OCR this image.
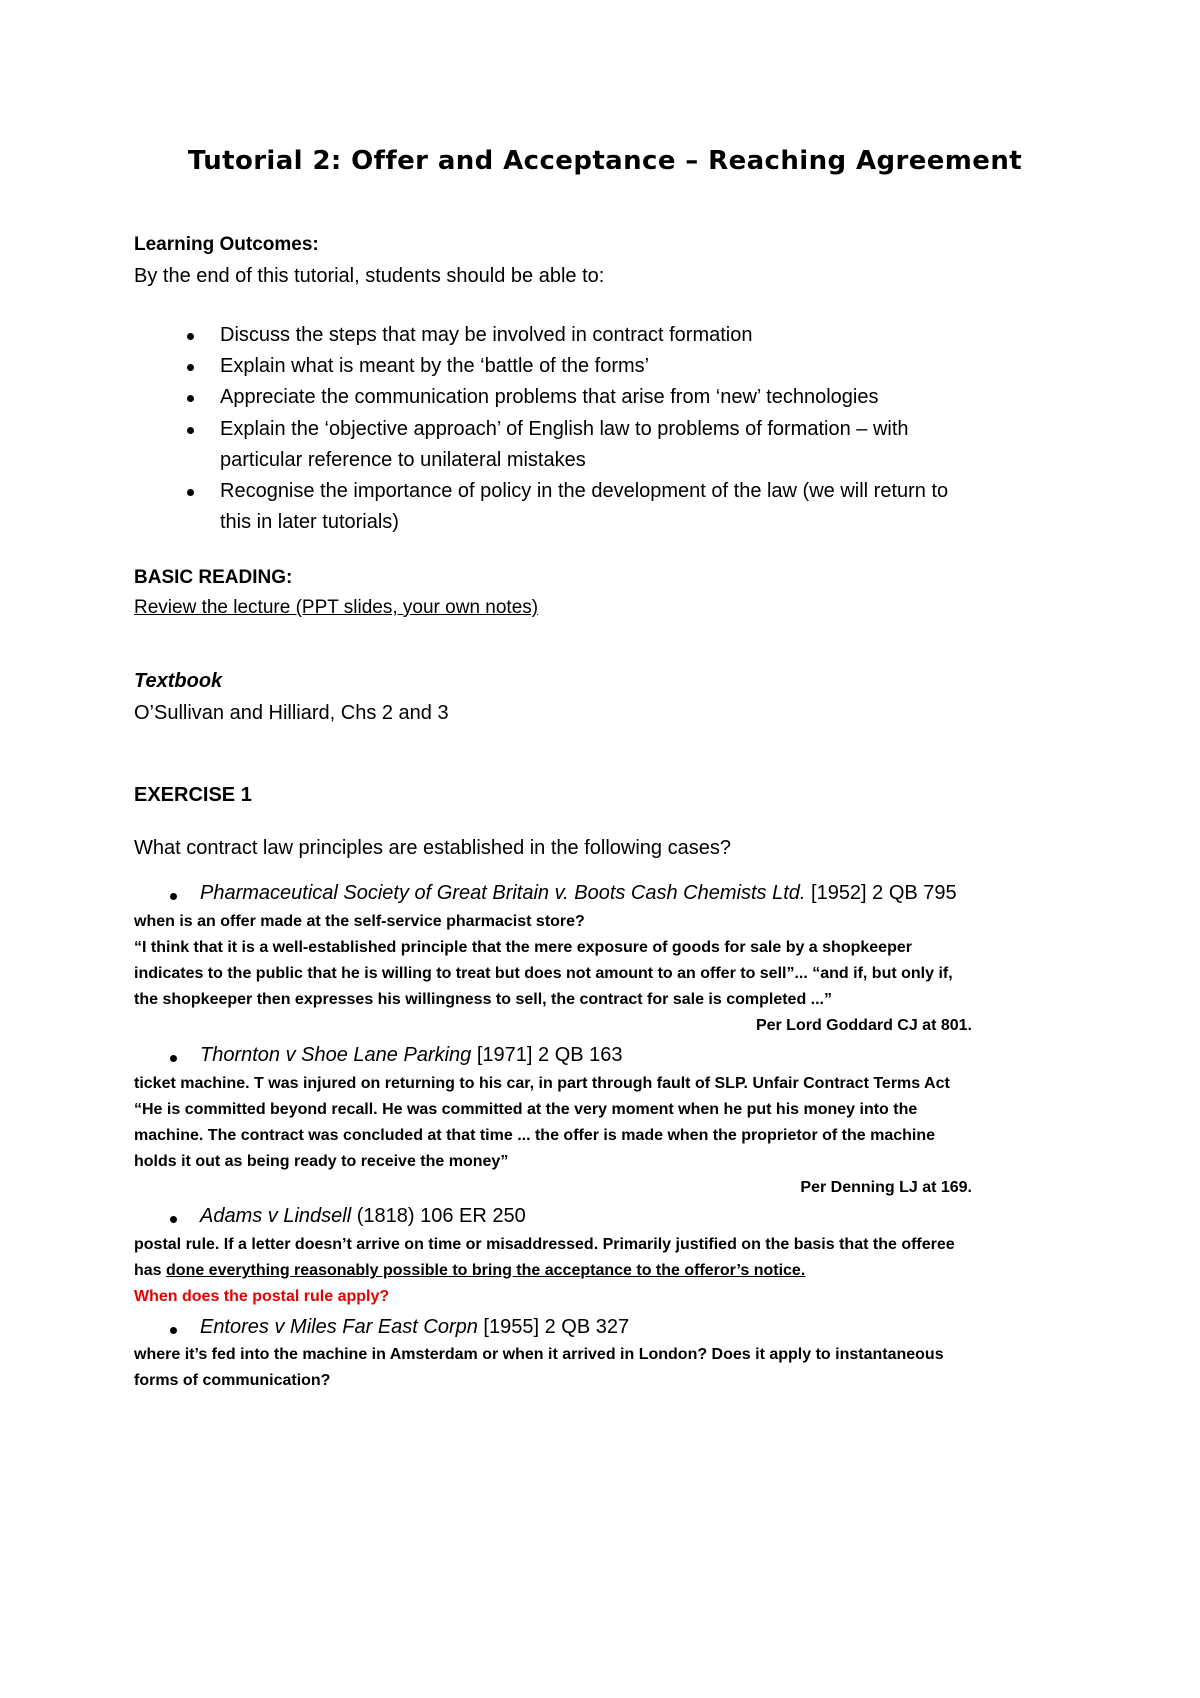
Tutorial 2: Offer and Acceptance – Reaching Agreement
Learning Outcomes:
By the end of this tutorial, students should be able to:
Discuss the steps that may be involved in contract formation
Explain what is meant by the ‘battle of the forms’
Appreciate the communication problems that arise from ‘new’ technologies
Explain the ‘objective approach’ of English law to problems of formation – with
particular reference to unilateral mistakes
Recognise the importance of policy in the development of the law (we will return to
this in later tutorials)
BASIC READING:
Review the lecture (PPT slides, your own notes)
Textbook
O’Sullivan and Hilliard, Chs 2 and 3
EXERCISE 1
What contract law principles are established in the following cases?
Pharmaceutical Society of Great Britain v. Boots Cash Chemists Ltd. [1952] 2 QB 795
when is an offer made at the self-service pharmacist store?
“I think that it is a well-established principle that the mere exposure of goods for sale by a shopkeeper
indicates to the public that he is willing to treat but does not amount to an offer to sell”... “and if, but only if,
the shopkeeper then expresses his willingness to sell, the contract for sale is completed ...”
Per Lord Goddard CJ at 801.
Thornton v Shoe Lane Parking [1971] 2 QB 163
ticket machine. T was injured on returning to his car, in part through fault of SLP. Unfair Contract Terms Act
“He is committed beyond recall. He was committed at the very moment when he put his money into the
machine. The contract was concluded at that time ... the offer is made when the proprietor of the machine
holds it out as being ready to receive the money”
Per Denning LJ at 169.
Adams v Lindsell (1818) 106 ER 250
postal rule. If a letter doesn’t arrive on time or misaddressed. Primarily justified on the basis that the offeree
has done everything reasonably possible to bring the acceptance to the offeror’s notice.
When does the postal rule apply?
Entores v Miles Far East Corpn [1955] 2 QB 327
where it’s fed into the machine in Amsterdam or when it arrived in London? Does it apply to instantaneous
forms of communication?
